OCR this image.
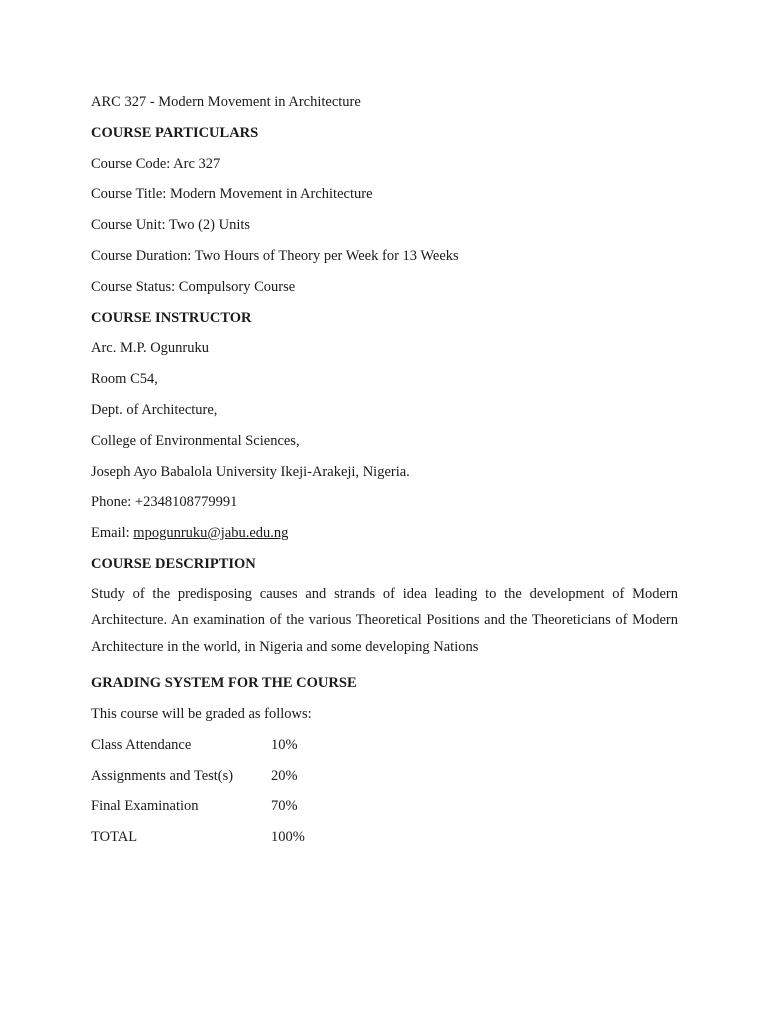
ARC 327 - Modern Movement in Architecture
COURSE PARTICULARS
Course Code: Arc 327
Course Title: Modern Movement in Architecture
Course Unit: Two (2) Units
Course Duration: Two Hours of Theory per Week for 13 Weeks
Course Status: Compulsory Course
COURSE INSTRUCTOR
Arc. M.P. Ogunruku
Room C54,
Dept. of Architecture,
College of Environmental Sciences,
Joseph Ayo Babalola University Ikeji-Arakeji, Nigeria.
Phone: +2348108779991
Email: mpogunruku@jabu.edu.ng
COURSE DESCRIPTION
Study of the predisposing causes and strands of idea leading to the development of Modern Architecture. An examination of the various Theoretical Positions and the Theoreticians of Modern Architecture in the world, in Nigeria and some developing Nations
GRADING SYSTEM FOR THE COURSE
This course will be graded as follows:
Class Attendance	10%
Assignments and Test(s)	20%
Final Examination	70%
TOTAL	100%
